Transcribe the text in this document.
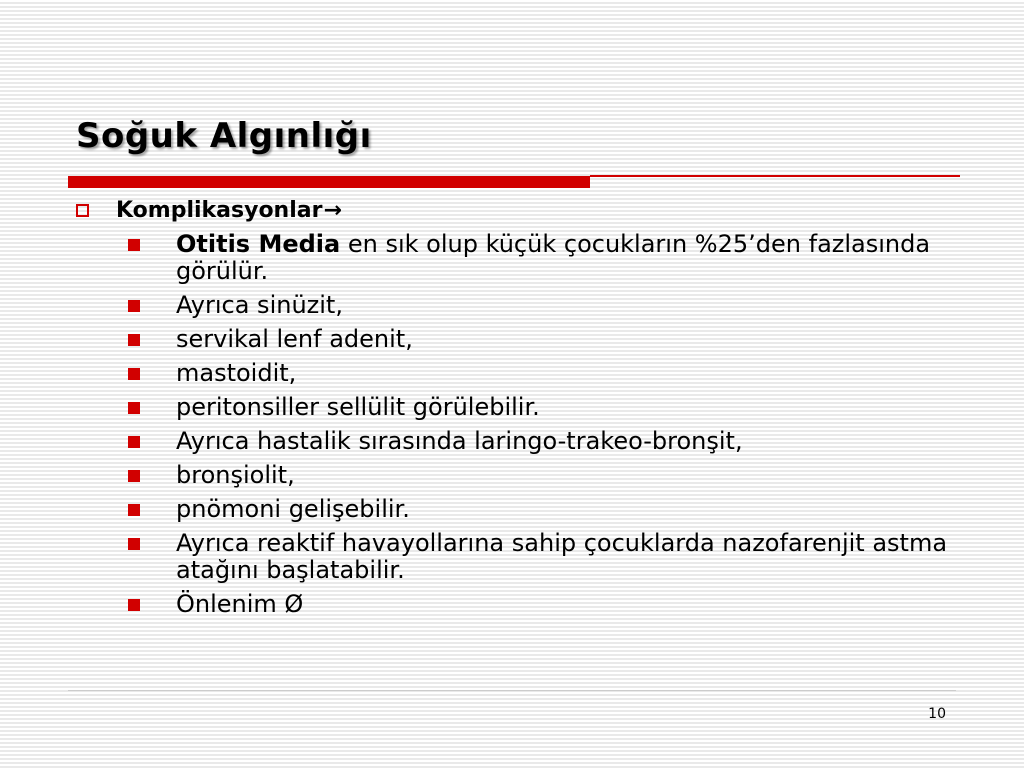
Soğuk Algınlığı
Komplikasyonlar →
Otitis Media en sık olup küçük çocukların %25’den fazlasında görülür.
Ayrıca sinüzit,
servikal lenf adenit,
mastoidit,
peritonsiller sellülit görülebilir.
Ayrıca hastalik sırasında laringo-trakeo-bronşit,
bronşiolit,
pnömoni gelişebilir.
Ayrıca reaktif havayollarına sahip çocuklarda nazofarenjit astma atağını başlatabilir.
Önlenim Ø
10
